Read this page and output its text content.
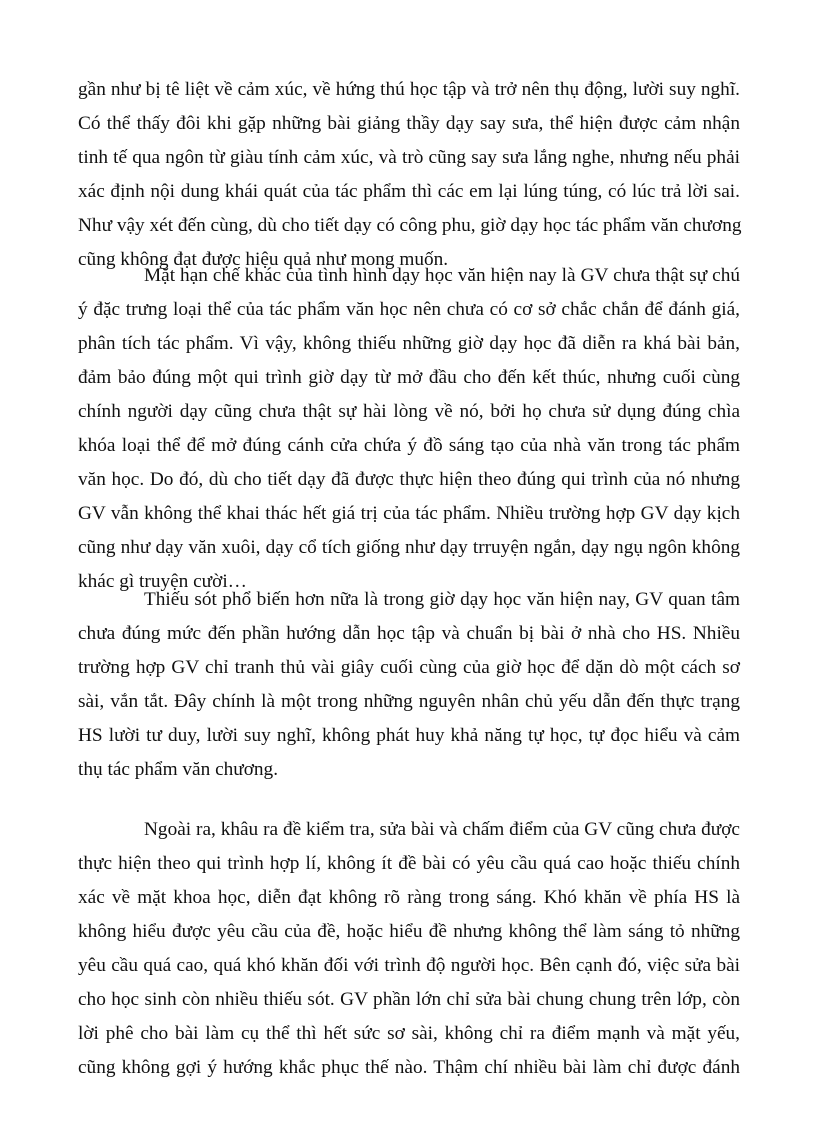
gần như bị tê liệt về cảm xúc, về hứng thú học tập và trở nên thụ động, lười suy nghĩ.
Có thể thấy đôi khi gặp những bài giảng thầy dạy say sưa, thể hiện được cảm nhận
tinh tế qua ngôn từ giàu tính cảm xúc, và trò cũng say sưa lắng nghe, nhưng nếu phải
xác định nội dung khái quát của tác phẩm thì các em lại lúng túng, có lúc trả lời sai.
Như vậy xét đến cùng, dù cho tiết dạy có công phu, giờ dạy học tác phẩm văn chương
cũng không đạt được hiệu quả như mong muốn.
Mặt hạn chế khác của tình hình dạy học văn hiện nay là GV chưa thật sự chú
ý đặc trưng loại thể của tác phẩm văn học nên chưa có cơ sở chắc chắn để đánh giá,
phân tích tác phẩm. Vì vậy, không thiếu những giờ dạy học đã diễn ra khá bài bản,
đảm bảo đúng một qui trình giờ dạy từ mở đầu cho đến kết thúc, nhưng cuối cùng
chính người dạy cũng chưa thật sự hài lòng về nó, bởi họ chưa sử dụng đúng chìa
khóa loại thể để mở đúng cánh cửa chứa ý đồ sáng tạo của nhà văn trong tác phẩm
văn học. Do đó, dù cho tiết dạy đã được thực hiện theo đúng qui trình của nó nhưng
GV vẫn không thể khai thác hết giá trị của tác phẩm. Nhiều trường hợp GV dạy kịch
cũng như dạy văn xuôi, dạy cổ tích giống như dạy trruyện ngắn, dạy ngụ ngôn không
khác gì truyện cười…
Thiếu sót phổ biến hơn nữa là trong giờ dạy học văn hiện nay, GV quan tâm
chưa đúng mức đến phần hướng dẫn học tập và chuẩn bị bài ở nhà cho HS. Nhiều
trường hợp GV chỉ tranh thủ vài giây cuối cùng của giờ học để dặn dò một cách sơ
sài, vắn tắt. Đây chính là một trong những nguyên nhân chủ yếu dẫn đến thực trạng
HS lười tư duy, lười suy nghĩ, không phát huy khả năng tự học, tự đọc hiểu và cảm
thụ tác phẩm văn chương.
Ngoài ra, khâu ra đề kiểm tra, sửa bài và chấm điểm của GV cũng chưa được
thực hiện theo qui trình hợp lí, không ít đề bài có yêu cầu quá cao hoặc thiếu chính
xác về mặt khoa học, diễn đạt không rõ ràng trong sáng. Khó khăn về phía HS là
không hiểu được yêu cầu của đề, hoặc hiểu đề nhưng không thể làm sáng tỏ những
yêu cầu quá cao, quá khó khăn đối với trình độ người học. Bên cạnh đó, việc sửa bài
cho học sinh còn nhiều thiếu sót. GV phần lớn chỉ sửa bài chung chung trên lớp, còn
lời phê cho bài làm cụ thể thì hết sức sơ sài, không chỉ ra điểm mạnh và mặt yếu,
cũng không gợi ý hướng khắc phục thế nào. Thậm chí nhiều bài làm chỉ được đánh
